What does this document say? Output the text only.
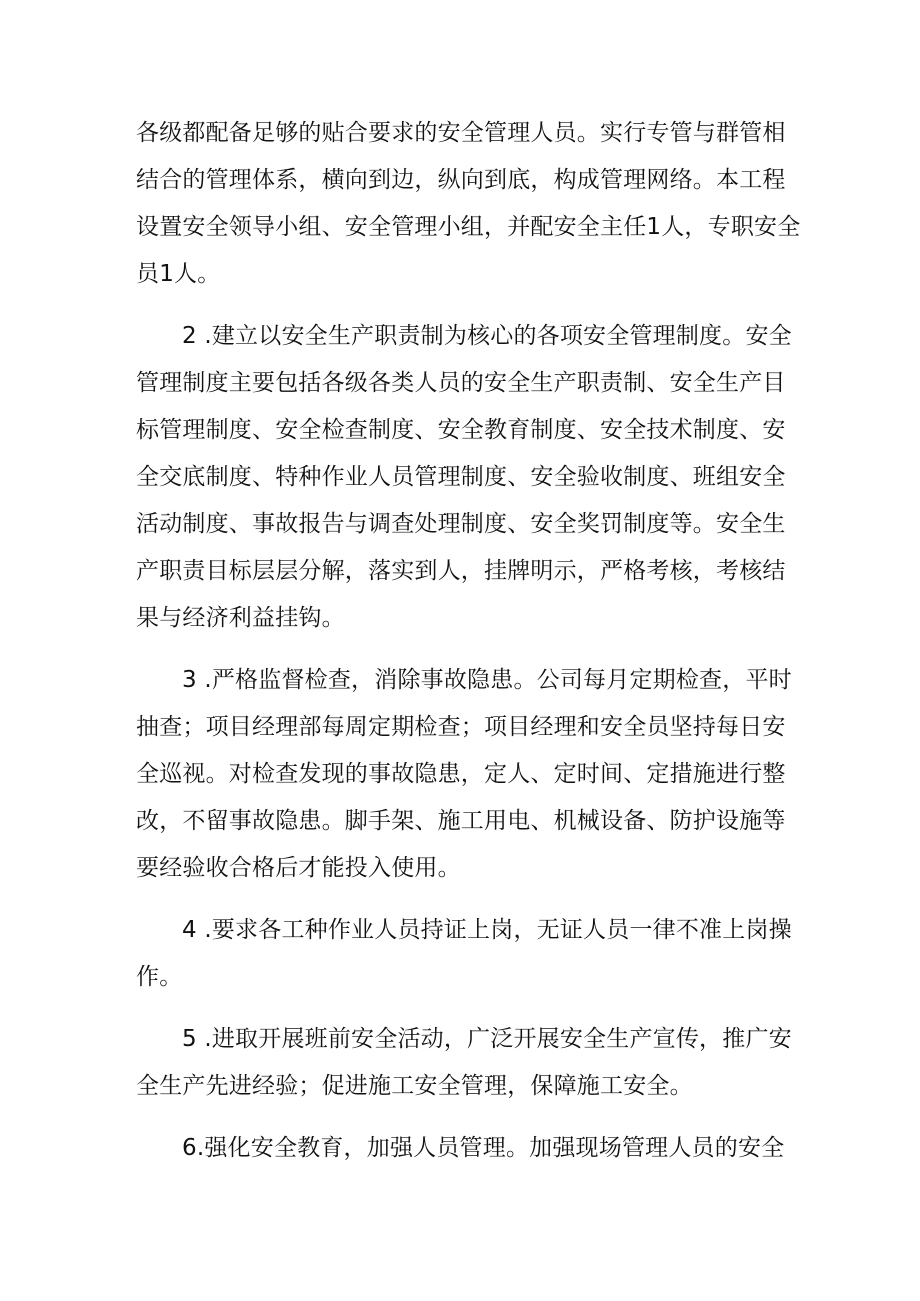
各级都配备足够的贴合要求的安全管理人员。实行专管与群管相
结合的管理体系，横向到边，纵向到底，构成管理网络。本工程
设置安全领导小组、安全管理小组，并配安全主任1人，专职安全
员1人。
2 .建立以安全生产职责制为核心的各项安全管理制度。安全
管理制度主要包括各级各类人员的安全生产职责制、安全生产目
标管理制度、安全检查制度、安全教育制度、安全技术制度、安
全交底制度、特种作业人员管理制度、安全验收制度、班组安全
活动制度、事故报告与调查处理制度、安全奖罚制度等。安全生
产职责目标层层分解，落实到人，挂牌明示，严格考核，考核结
果与经济利益挂钩。
3 .严格监督检查，消除事故隐患。公司每月定期检查，平时
抽查；项目经理部每周定期检查；项目经理和安全员坚持每日安
全巡视。对检查发现的事故隐患，定人、定时间、定措施进行整
改，不留事故隐患。脚手架、施工用电、机械设备、防护设施等
要经验收合格后才能投入使用。
4 .要求各工种作业人员持证上岗，无证人员一律不准上岗操
作。
5 .进取开展班前安全活动，广泛开展安全生产宣传，推广安
全生产先进经验；促进施工安全管理，保障施工安全。
6.强化安全教育，加强人员管理。加强现场管理人员的安全
